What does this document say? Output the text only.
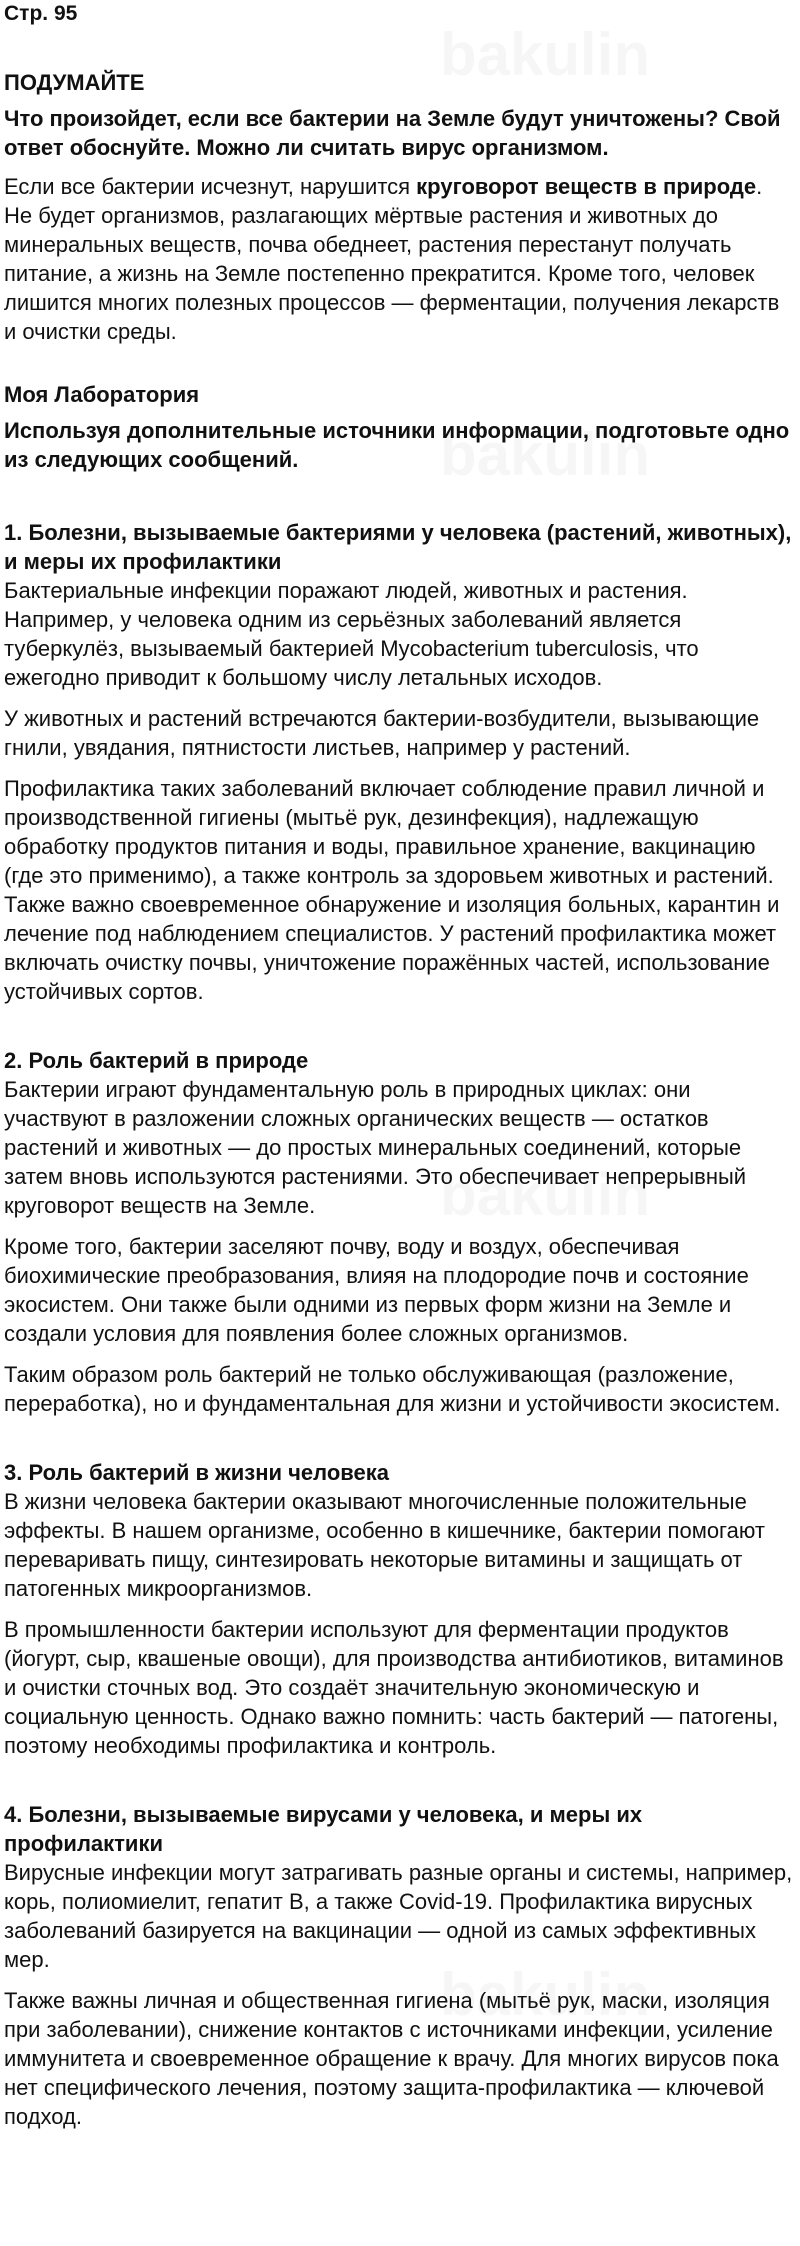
Стр. 95
ПОДУМАЙТЕ
Что произойдет, если все бактерии на Земле будут уничтожены? Свой ответ обоснуйте. Можно ли считать вирус организмом.

Если все бактерии исчезнут, нарушится круговорот веществ в природе. Не будет организмов, разлагающих мёртвые растения и животных до минеральных веществ, почва обеднеет, растения перестанут получать питание, а жизнь на Земле постепенно прекратится. Кроме того, человек лишится многих полезных процессов — ферментации, получения лекарств и очистки среды.

Моя Лаборатория
Используя дополнительные источники информации, подготовьте одно из следующих сообщений.
1. Болезни, вызываемые бактериями у человека (растений, животных), и меры их профилактики

Бактериальные инфекции поражают людей, животных и растения. Например, у человека одним из серьёзных заболеваний является туберкулёз, вызываемый бактерией Mycobacterium tuberculosis, что ежегодно приводит к большому числу летальных исходов.

У животных и растений встречаются бактерии-возбудители, вызывающие гнили, увядания, пятнистости листьев, например у растений.

Профилактика таких заболеваний включает соблюдение правил личной и производственной гигиены (мытьё рук, дезинфекция), надлежащую обработку продуктов питания и воды, правильное хранение, вакцинацию (где это применимо), а также контроль за здоровьем животных и растений. Также важно своевременное обнаружение и изоляция больных, карантин и лечение под наблюдением специалистов. У растений профилактика может включать очистку почвы, уничтожение поражённых частей, использование устойчивых сортов.

2. Роль бактерий в природе

Бактерии играют фундаментальную роль в природных циклах: они участвуют в разложении сложных органических веществ — остатков растений и животных — до простых минеральных соединений, которые затем вновь используются растениями. Это обеспечивает непрерывный круговорот веществ на Земле.

Кроме того, бактерии заселяют почву, воду и воздух, обеспечивая биохимические преобразования, влияя на плодородие почв и состояние экосистем. Они также были одними из первых форм жизни на Земле и создали условия для появления более сложных организмов.

Таким образом роль бактерий не только обслуживающая (разложение, переработка), но и фундаментальная для жизни и устойчивости экосистем.

3. Роль бактерий в жизни человека

В жизни человека бактерии оказывают многочисленные положительные эффекты. В нашем организме, особенно в кишечнике, бактерии помогают переваривать пищу, синтезировать некоторые витамины и защищать от патогенных микроорганизмов.

В промышленности бактерии используют для ферментации продуктов (йогурт, сыр, квашеные овощи), для производства антибиотиков, витаминов и очистки сточных вод. Это создаёт значительную экономическую и социальную ценность. Однако важно помнить: часть бактерий — патогены, поэтому необходимы профилактика и контроль.

4. Болезни, вызываемые вирусами у человека, и меры их профилактики

Вирусные инфекции могут затрагивать разные органы и системы, например, корь, полиомиелит, гепатит B, а также Covid-19. Профилактика вирусных заболеваний базируется на вакцинации — одной из самых эффективных мер.

Также важны личная и общественная гигиена (мытьё рук, маски, изоляция при заболевании), снижение контактов с источниками инфекции, усиление иммунитета и своевременное обращение к врачу. Для многих вирусов пока нет специфического лечения, поэтому защита-профилактика — ключевой подход.
